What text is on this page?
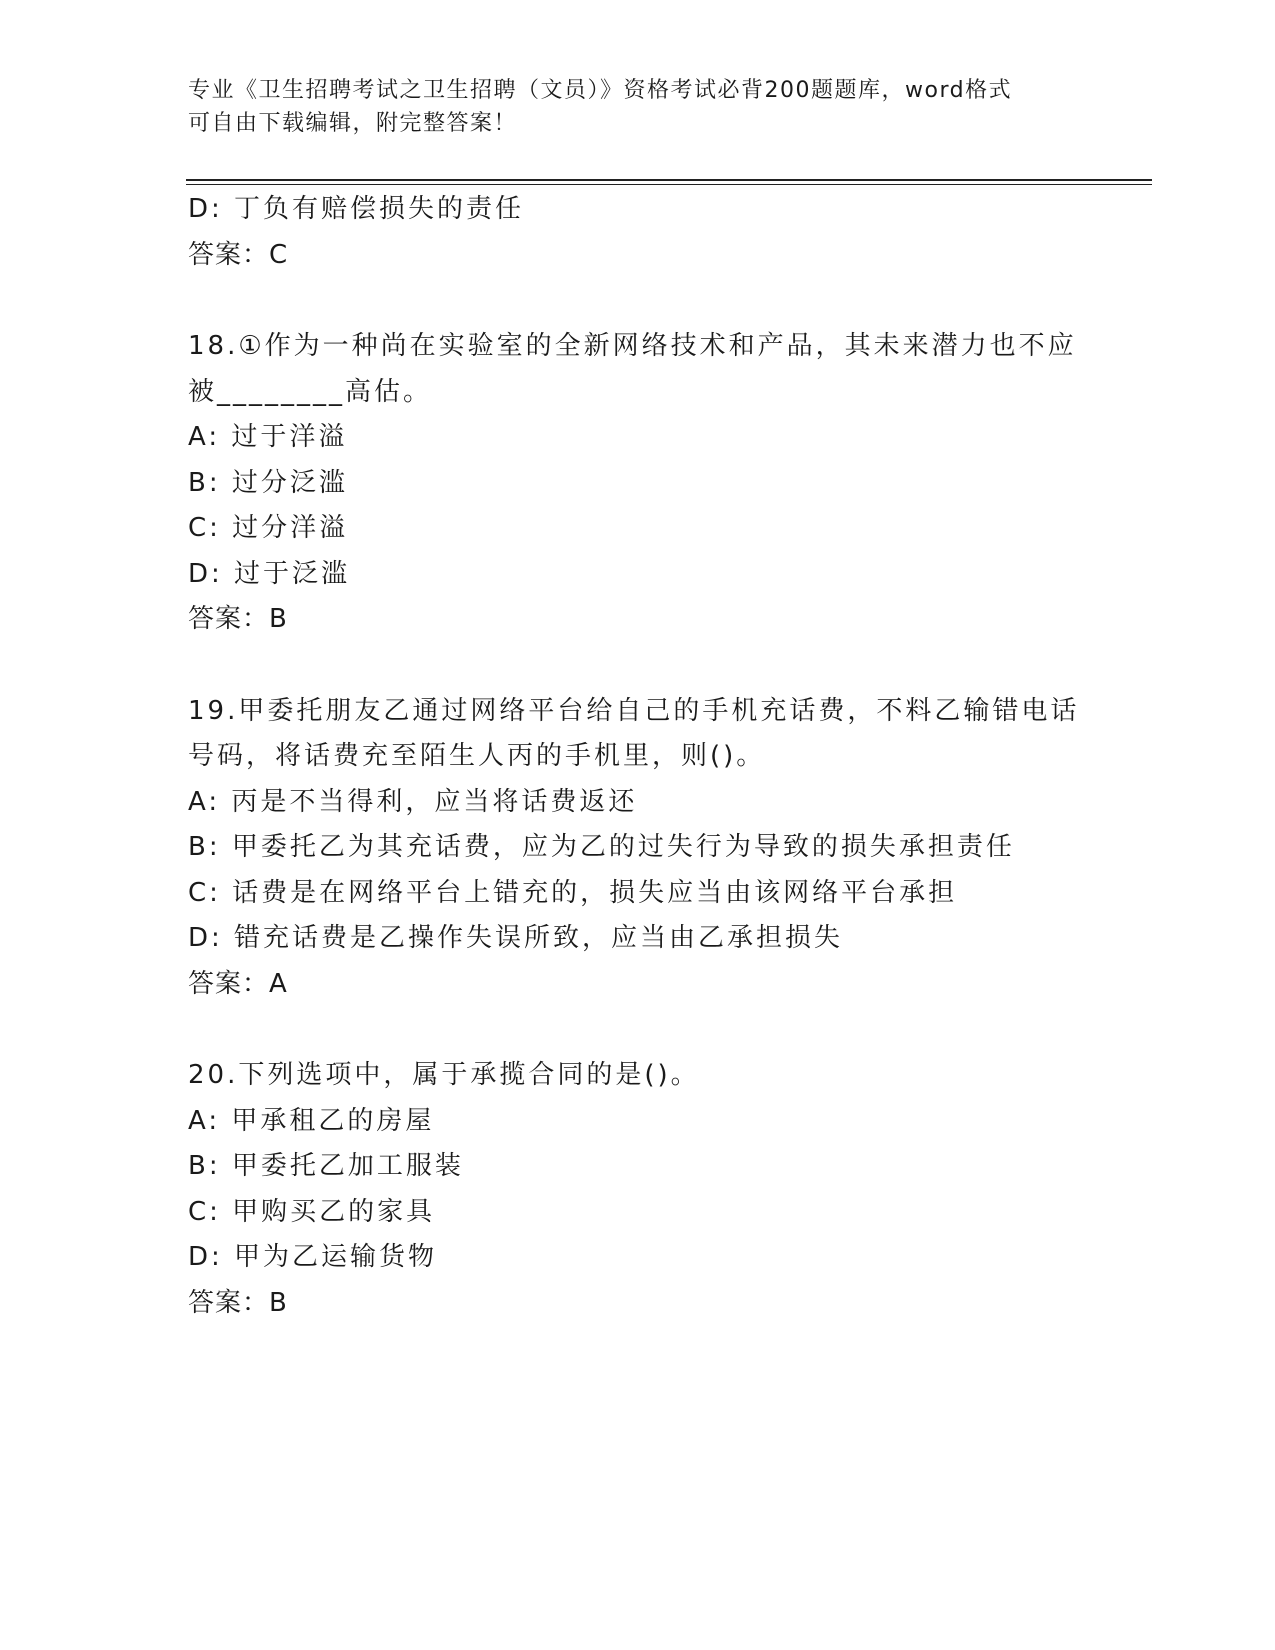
专业《卫生招聘考试之卫生招聘（文员）》资格考试必背200题题库，word格式
可自由下载编辑，附完整答案！
D: 丁负有赔偿损失的责任
答案：C
18.①作为一种尚在实验室的全新网络技术和产品，其未来潜力也不应
被________高估。
A: 过于洋溢
B: 过分泛滥
C: 过分洋溢
D: 过于泛滥
答案：B
19.甲委托朋友乙通过网络平台给自己的手机充话费，不料乙输错电话
号码，将话费充至陌生人丙的手机里，则()。
A: 丙是不当得利，应当将话费返还
B: 甲委托乙为其充话费，应为乙的过失行为导致的损失承担责任
C: 话费是在网络平台上错充的，损失应当由该网络平台承担
D: 错充话费是乙操作失误所致，应当由乙承担损失
答案：A
20.下列选项中，属于承揽合同的是()。
A: 甲承租乙的房屋
B: 甲委托乙加工服装
C: 甲购买乙的家具
D: 甲为乙运输货物
答案：B
